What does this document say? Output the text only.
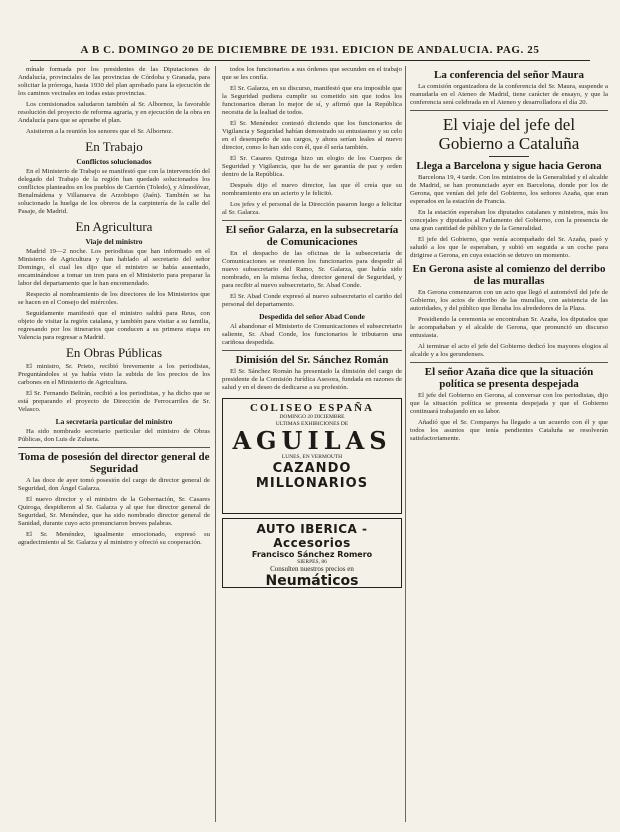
A B C. DOMINGO 20 DE DICIEMBRE DE 1931. EDICION DE ANDALUCIA. PAG. 25

mínale formada por los presidentes de las Diputaciones de Andalucía, provinciales de las provincias de Córdoba y Granada, para solicitar la prórroga, hasta 1930 del plan aprobado para la ejecución de los caminos vecinales en todas estas provincias.

Los comisionados saludaron también al Sr. Albornoz, la favorable resolución del proyecto de reforma agraria, y en ejecución de la obra en Andalucía para que se apruebe el plan.

Asistieron a la reunión los senores que el Sr. Albornoz.

En Trabajo
Conflictos solucionados

En el Ministerio de Trabajo se manifestó que con la intervención del delegado del Trabajo de la región han quedado solucionados los conflictos planteados en los pueblos de Carrión (Toledo), y Almodóvar, Benalmádena y Villanueva de Arzobispo (Jaén). También se ha solucionado la huelga de los obreros de la carpintería de la calle del Pasaje, de Madrid.

En Agricultura
Viaje del ministro

Madrid 19—2 noche. Los periodistas que han informado en el Ministerio de Agricultura y han hablado al secretario del señor Domingo, el cual les dijo que el ministro se había ausentado, encaminándose a tomar un tren para en el Ministerio para preparar la labor del departamento que le han encomendado.

Respecto al nombramiento de los directores de los Ministerios que se hacen en el Consejo del miércoles.

Seguidamente manifestó que el ministro saldrá para Reus, con objeto de visitar la región catalana, y también para visitar a su familia, regresando por los itinerarios que conducen a su primera etapa en Valencia para regresar a Madrid.

En Obras Públicas

El ministro, Sr. Prieto, recibió brevemente a los periodistas, Preguntándoles si ya había visto la subida de los precios de los carbones en el Ministerio de Agricultura.

El Sr. Fernando Beltrán, recibió a los periodistas, y ha dicho que se está preparando el proyecto de Dirección de Ferrocarriles de Sr. Velasco.

La secretaría particular del ministro

Ha sido nombrado secretario particular del ministro de Obras Públicas, don Luis de Zulueta.

Toma de posesión del director general de Seguridad

A las doce de ayer tomó posesión del cargo de director general de Seguridad, don Ángel Galarza.

El nuevo director y el ministro de la Gobernación, Sr. Casares Quiroga, despidieron al Sr. Galarza y al que fue director general de Seguridad, Sr. Menéndez, que ha sido nombrado director general de Sanidad, durante cuyo acto pronunciaron breves palabras.

El Sr. Menéndez, igualmente emocionado, expresó su agradecimiento al Sr. Galarza y al ministro y ofreció su cooperación.

todos los funcionarios a sus órdenes que secunden en el trabajo que se les confía.

El Sr. Galarza, en su discurso, manifestó que era imposible que la Seguridad pudiera cumplir su cometido sin que todos los funcionarios dieran lo mejor de sí, y afirmó que la República necesita de la lealtad de todos.

El Sr. Menéndez contestó diciendo que los funcionarios de Vigilancia y Seguridad habían demostrado su entusiasmo y su celo en el desempeño de sus cargos, y ahora serían leales al nuevo director, como lo han sido con él, que él sería también.

El Sr. Casares Quiroga hizo un elogio de los Cuerpos de Seguridad y Vigilancia, que ha de ser garantía de paz y orden dentro de la República.

Después dijo el nuevo director, las que él creía que su nombramiento era un acierto y le felicitó.

Los jefes y el personal de la Dirección pasaron luego a felicitar al Sr. Galarza.

El señor Galarza, en la subsecretaría de Comunicaciones

En el despacho de las oficinas de la subsecretaría de Comunicaciones se reunieron los funcionarios para despedir al nuevo subsecretario del Ramo, Sr. Galarza, que había sido nombrado, en la misma fecha, director general de Seguridad, y para recibir al nuevo subsecretario, Sr. Abad Conde.

El Sr. Abad Conde expresó al nuevo subsecretario el cariño del personal del departamento.

Despedida del señor Abad Conde

Al abandonar el Ministerio de Comunicaciones el subsecretario saliente, Sr. Abad Conde, los funcionarios le tributaron una cariñosa despedida.

Dimisión del Sr. Sánchez Román

El Sr. Sánchez Román ha presentado la dimisión del cargo de presidente de la Comisión Jurídica Asesora, fundada en razones de salud y en el deseo de dedicarse a su profesión.

COLISEO ESPAÑA
DOMINGO 20 DICIEMBRE
ULTIMAS EXHIBICIONES DE
AGUILAS
LUNES, EN VERMOUTH
CAZANDO MILLONARIOS
AUTO IBERICA - Accesorios
Francisco Sánchez Romero
SIERPES, 86
Consulten nuestros precios en
Neumáticos
La conferencia del señor Maura

La comisión organizadora de la conferencia del Sr. Maura, suspende a reanudarla en el Ateneo de Madrid, tiene carácter de ensayo, y que la conferencia será celebrada en el Ateneo y desarrolladora el día 20.

El viaje del jefe del Gobierno a Cataluña
Llega a Barcelona y sigue hacia Gerona

Barcelona 19, 4 tarde. Con los ministros de la Generalidad y el alcalde de Madrid, se han pronunciado ayer en Barcelona, donde por los de Gerona, que venían del jefe del Gobierno, los señores Azaña, que eran esperados en la estación de Francia.

En la estación esperaban los diputados catalanes y ministros, más los concejales y diputados al Parlamento del Gobierno, con la presencia de una gran cantidad de público y de la Generalidad.

El jefe del Gobierno, que venía acompañado del Sr. Azaña, pasó y saludó a los que le esperaban, y subió en seguida a un coche para dirigirse a Gerona, en cuya estación se detuvo un momento.

En Gerona asiste al comienzo del derribo de las murallas

En Gerona comenzaron con un acto que llegó el automóvil del jefe de Gobierno, los actos de derribo de las murallas, con asistencia de las autoridades, y del público que llenaba los alrededores de la Plaza.

Presidiendo la ceremonia se encontraban Sr. Azaña, los diputados que le acompañaban y el alcalde de Gerona, que pronunció un discurso entusiasta.

Al terminar el acto el jefe del Gobierno dedicó los mayores elogios al alcalde y a los gerundenses.

El señor Azaña dice que la situación política se presenta despejada

El jefe del Gobierno en Gerona, al conversar con los periodistas, dijo que la situación política se presenta despejada y que el Gobierno continuará trabajando en su labor.

Añadió que el Sr. Companys ha llegado a un acuerdo con él y que todos los asuntos que tenía pendientes Cataluña se resolverán satisfactoriamente.
